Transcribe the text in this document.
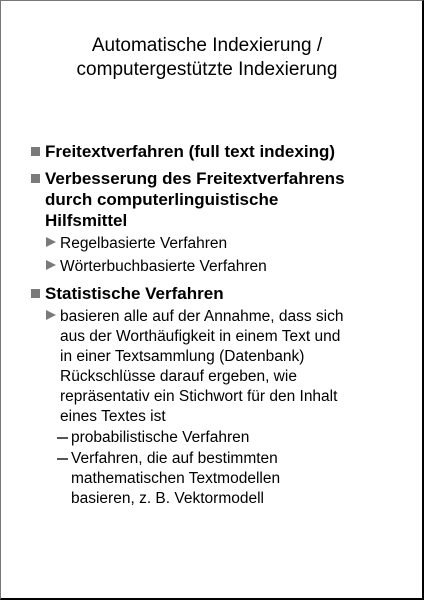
Automatische Indexierung /
computergestützte Indexierung
Freitextverfahren (full text indexing)
Verbesserung des Freitextverfahrens
durch computerlinguistische
Hilfsmittel
Regelbasierte Verfahren
Wörterbuchbasierte Verfahren
Statistische Verfahren
basieren alle auf der Annahme, dass sich
aus der Worthäufigkeit in einem Text und
in einer Textsammlung (Datenbank)
Rückschlüsse darauf ergeben, wie
repräsentativ ein Stichwort für den Inhalt
eines Textes ist
probabilistische Verfahren
Verfahren, die auf bestimmten
mathematischen Textmodellen
basieren, z. B. Vektormodell
